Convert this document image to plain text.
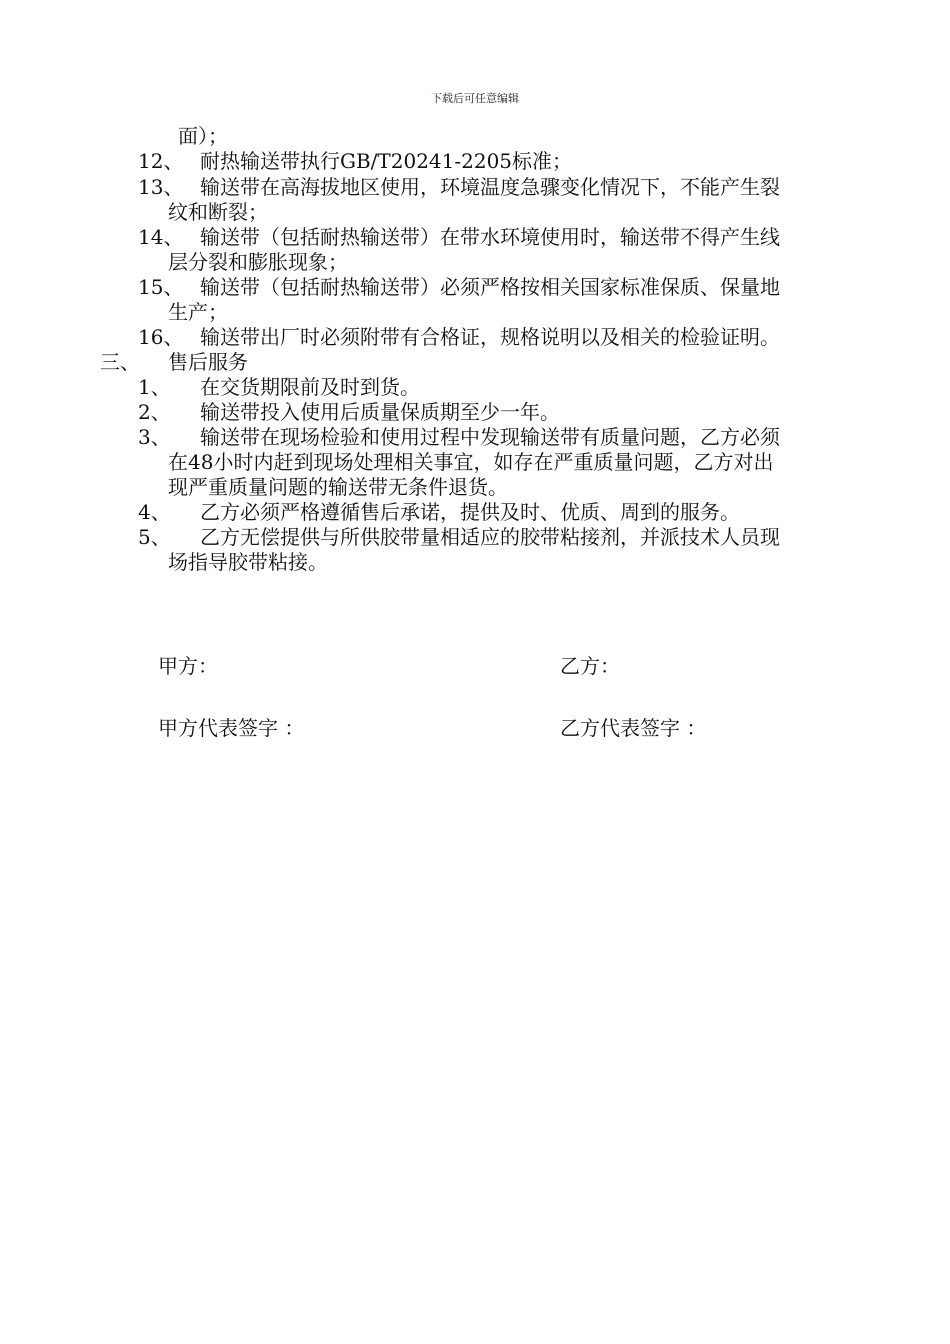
下载后可任意编辑
面）；
12、 耐热输送带执行GB/T20241-2205标准；
13、 输送带在高海拔地区使用，环境温度急骤变化情况下，不能产生裂
纹和断裂；
14、 输送带（包括耐热输送带）在带水环境使用时，输送带不得产生线
层分裂和膨胀现象；
15、 输送带（包括耐热输送带）必须严格按相关国家标准保质、保量地
生产；
16、 输送带出厂时必须附带有合格证，规格说明以及相关的检验证明。
三、 售后服务
1、 在交货期限前及时到货。
2、 输送带投入使用后质量保质期至少一年。
3、 输送带在现场检验和使用过程中发现输送带有质量问题，乙方必须
在48小时内赶到现场处理相关事宜，如存在严重质量问题，乙方对出
现严重质量问题的输送带无条件退货。
4、 乙方必须严格遵循售后承诺，提供及时、优质、周到的服务。
5、 乙方无偿提供与所供胶带量相适应的胶带粘接剂，并派技术人员现
场指导胶带粘接。
甲方：	乙方：
甲方代表签字 ：	乙方代表签字 ：
